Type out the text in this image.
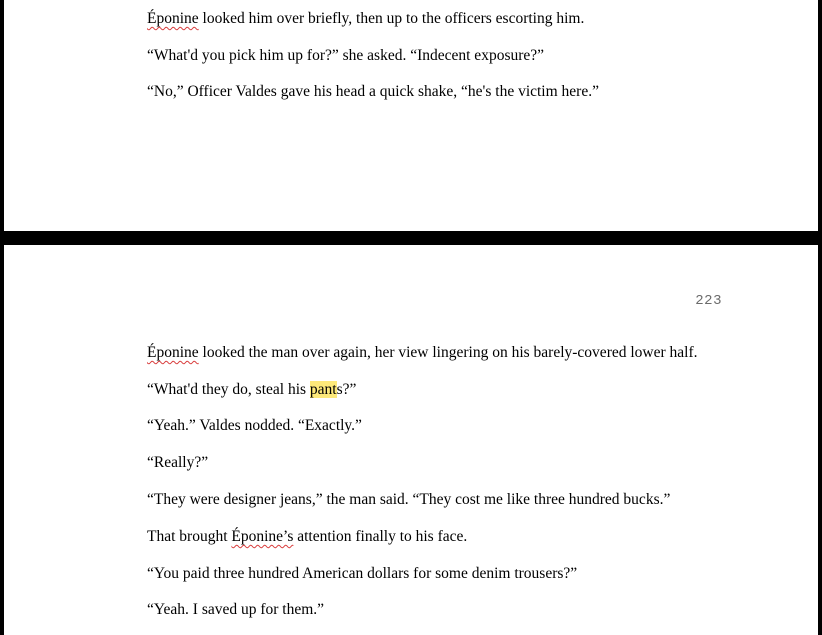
Éponine looked him over briefly, then up to the officers escorting him.

“What'd you pick him up for?” she asked. “Indecent exposure?”

“No,” Officer Valdes gave his head a quick shake, “he's the victim here.”

223

Éponine looked the man over again, her view lingering on his barely-covered lower half.

“What'd they do, steal his pants?”

“Yeah.” Valdes nodded. “Exactly.”

“Really?”

“They were designer jeans,” the man said. “They cost me like three hundred bucks.”

That brought Éponine’s attention finally to his face.

“You paid three hundred American dollars for some denim trousers?”

“Yeah. I saved up for them.”
